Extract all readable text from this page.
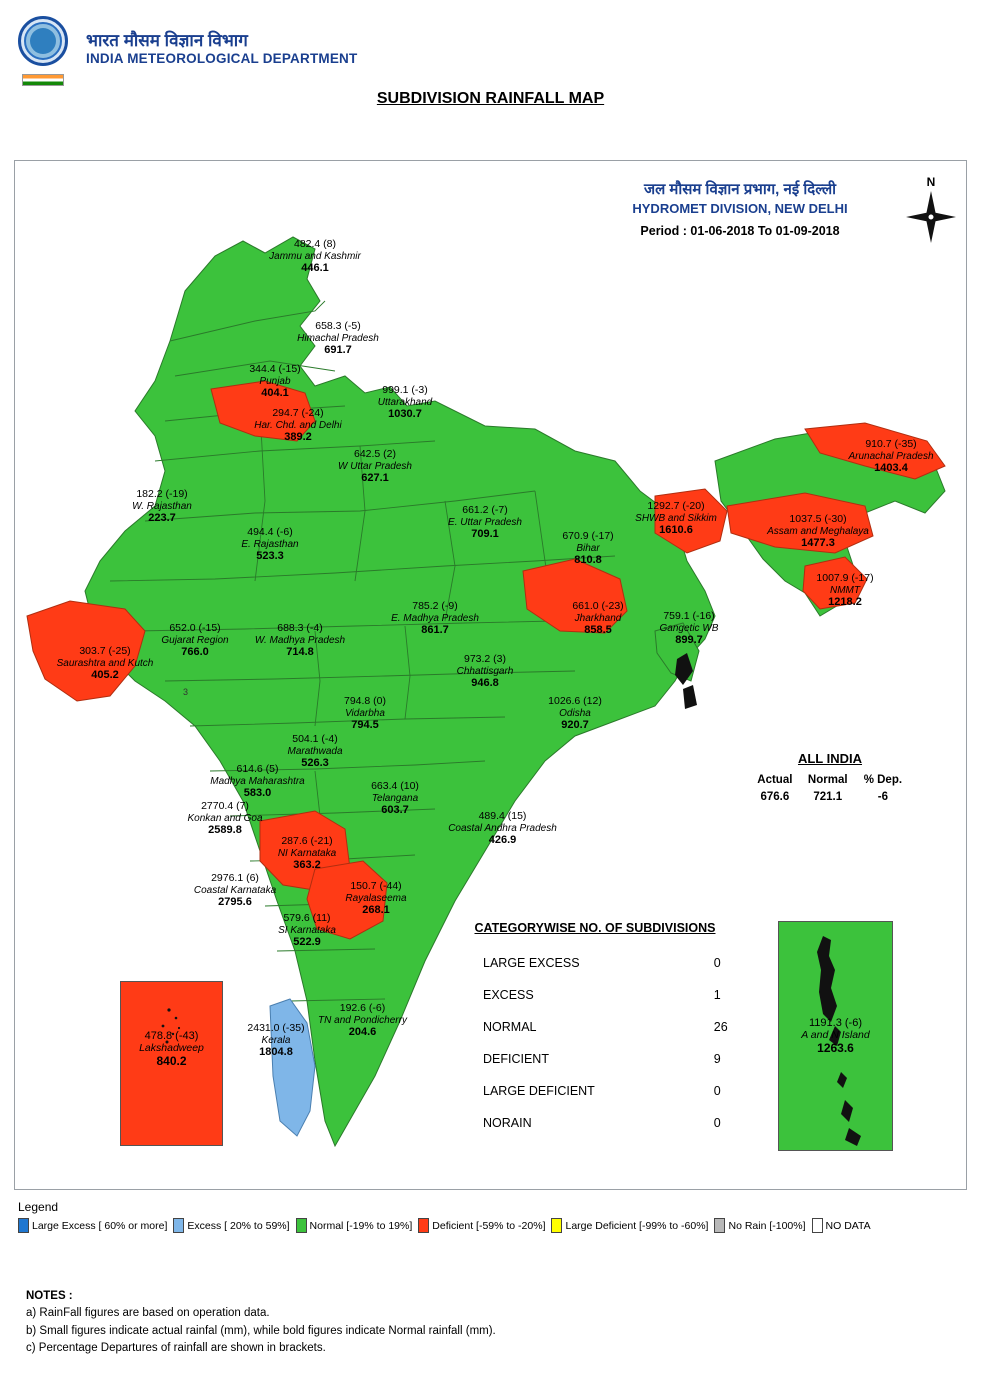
भारत मौसम विज्ञान विभाग
INDIA METEOROLOGICAL DEPARTMENT
SUBDIVISION RAINFALL MAP
3
जल मौसम विज्ञान प्रभाग, नई दिल्ली
HYDROMET DIVISION, NEW DELHI
Period : 01-06-2018 To 01-09-2018
N
ALL INDIA
Actual	Normal	% Dep.
676.6	721.1	-6
CATEGORYWISE NO. OF SUBDIVISIONS
LARGE EXCESS	0
EXCESS	1
NORMAL	26
DEFICIENT	9
LARGE DEFICIENT	0
NORAIN	0
478.8 (-43)
Lakshadweep
840.2
1191.3 (-6)
A and N Island
1263.6
482.4 (8)
Jammu and Kashmir
446.1
658.3 (-5)
Himachal Pradesh
691.7
344.4 (-15)
Punjab
404.1	999.1 (-3)
Uttarakhand
1030.7
294.7 (-24)
Har. Chd. and Delhi
389.2
642.5 (2)
W Uttar Pradesh
627.1
182.2 (-19)
W. Rajasthan
223.7
494.4 (-6)
E. Rajasthan
523.3
661.2 (-7)
E. Uttar Pradesh
709.1
910.7 (-35)
Arunachal Pradesh
1403.4
1292.7 (-20)
SHWB and Sikkim
1610.6
1037.5 (-30)
Assam and Meghalaya
1477.3
670.9 (-17)
Bihar
810.8
1007.9 (-17)
NMMT
1218.2
661.0 (-23)
Jharkhand
858.5
759.1 (-16)
Gangetic WB
899.7
785.2 (-9)
E. Madhya Pradesh
861.7
652.0 (-15)
Gujarat Region
766.0
688.3 (-4)
W. Madhya Pradesh
714.8
303.7 (-25)
Saurashtra and Kutch
405.2
973.2 (3)
Chhattisgarh
946.8
794.8 (0)
Vidarbha
794.5
1026.6 (12)
Odisha
920.7
504.1 (-4)
Marathwada
526.3
614.6 (5)
Madhya Maharashtra
583.0
663.4 (10)
Telangana
603.7
2770.4 (7)
Konkan and Goa
2589.8
489.4 (15)
Coastal Andhra Pradesh
426.9
287.6 (-21)
NI Karnataka
363.2
2976.1 (6)
Coastal Karnataka
2795.6
150.7 (-44)
Rayalaseema
268.1
579.6 (11)
SI Karnataka
522.9
192.6 (-6)
TN and Pondicherry
204.6
2431.0 (-35)
Kerala
1804.8
Legend
Large Excess [ 60% or more] Excess [ 20% to 59%] Normal [-19% to 19%] Deficient [-59% to -20%] Large Deficient [-99% to -60%] No Rain [-100%] NO DATA
NOTES :
a) RainFall figures are based on operation data.
b) Small figures indicate actual rainfal (mm), while bold figures indicate Normal rainfall (mm).
c) Percentage Departures of rainfall are shown in brackets.
